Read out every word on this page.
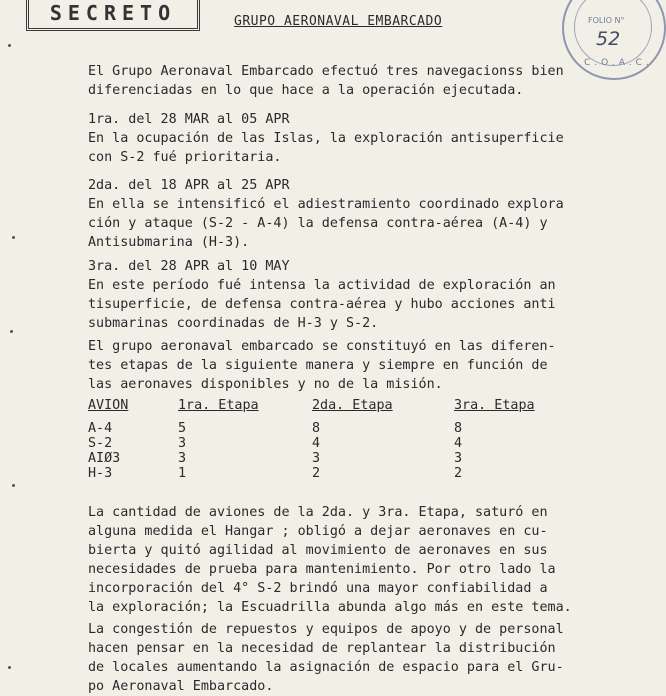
SECRETO	GRUPO AERONAVAL EMBARCADO	FOLIO N°
52
C.O.A.C.
El Grupo Aeronaval Embarcado efectuó tres navegacionss bien
diferenciadas en lo que hace a la operación ejecutada.
1ra. del 28 MAR al 05 APR
En la ocupación de las Islas, la exploración antisuperficie
con S-2 fué prioritaria.
2da. del 18 APR al 25 APR
En ella se intensificó el adiestramiento coordinado explora
ción y ataque (S-2 - A-4) la defensa contra-aérea (A-4) y
Antisubmarina (H-3).
3ra. del 28 APR al 10 MAY
En este período fué intensa la actividad de exploración an
tisuperficie, de defensa contra-aérea y hubo acciones anti
submarinas coordinadas de H-3 y S-2.
El grupo aeronaval embarcado se constituyó en las diferen-
tes etapas de la siguiente manera y siempre en función de
las aeronaves disponibles y no de la misión.
AVION	1ra. Etapa	2da. Etapa	3ra. Etapa
A-4	5	8	8
S-2	3	4	4
AIØ3	3	3	3
H-3	1	2	2
La cantidad de aviones de la 2da. y 3ra. Etapa, saturó en
alguna medida el Hangar ; obligó a dejar aeronaves en cu-
bierta y quitó agilidad al movimiento de aeronaves en sus
necesidades de prueba para mantenimiento. Por otro lado la
incorporación del 4° S-2 brindó una mayor confiabilidad a
la exploración; la Escuadrilla abunda algo más en este tema.
La congestión de repuestos y equipos de apoyo y de personal
hacen pensar en la necesidad de replantear la distribución
de locales aumentando la asignación de espacio para el Gru-
po Aeronaval Embarcado.
